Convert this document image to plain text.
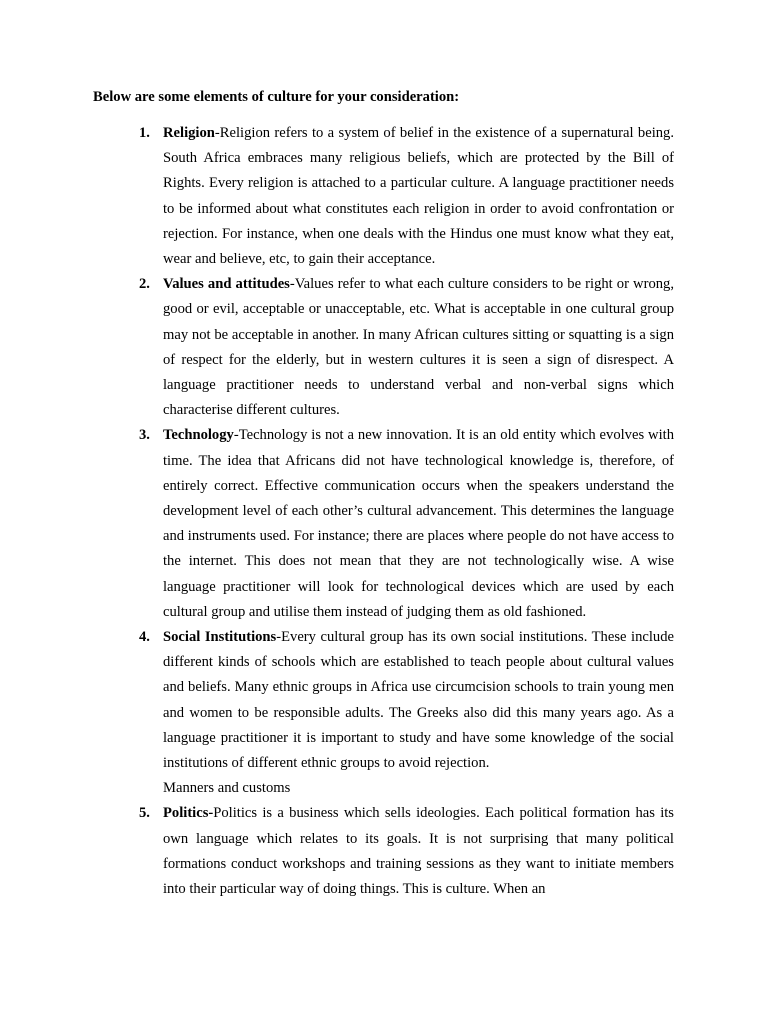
Below are some elements of culture for your consideration:
1. Religion-Religion refers to a system of belief in the existence of a supernatural being. South Africa embraces many religious beliefs, which are protected by the Bill of Rights. Every religion is attached to a particular culture. A language practitioner needs to be informed about what constitutes each religion in order to avoid confrontation or rejection. For instance, when one deals with the Hindus one must know what they eat, wear and believe, etc, to gain their acceptance.
2. Values and attitudes-Values refer to what each culture considers to be right or wrong, good or evil, acceptable or unacceptable, etc. What is acceptable in one cultural group may not be acceptable in another. In many African cultures sitting or squatting is a sign of respect for the elderly, but in western cultures it is seen a sign of disrespect. A language practitioner needs to understand verbal and non-verbal signs which characterise different cultures.
3. Technology-Technology is not a new innovation. It is an old entity which evolves with time. The idea that Africans did not have technological knowledge is, therefore, of entirely correct. Effective communication occurs when the speakers understand the development level of each other’s cultural advancement. This determines the language and instruments used. For instance; there are places where people do not have access to the internet. This does not mean that they are not technologically wise. A wise language practitioner will look for technological devices which are used by each cultural group and utilise them instead of judging them as old fashioned.
4. Social Institutions-Every cultural group has its own social institutions. These include different kinds of schools which are established to teach people about cultural values and beliefs. Many ethnic groups in Africa use circumcision schools to train young men and women to be responsible adults. The Greeks also did this many years ago. As a language practitioner it is important to study and have some knowledge of the social institutions of different ethnic groups to avoid rejection.
Manners and customs
5. Politics-Politics is a business which sells ideologies. Each political formation has its own language which relates to its goals. It is not surprising that many political formations conduct workshops and training sessions as they want to initiate members into their particular way of doing things. This is culture. When an
